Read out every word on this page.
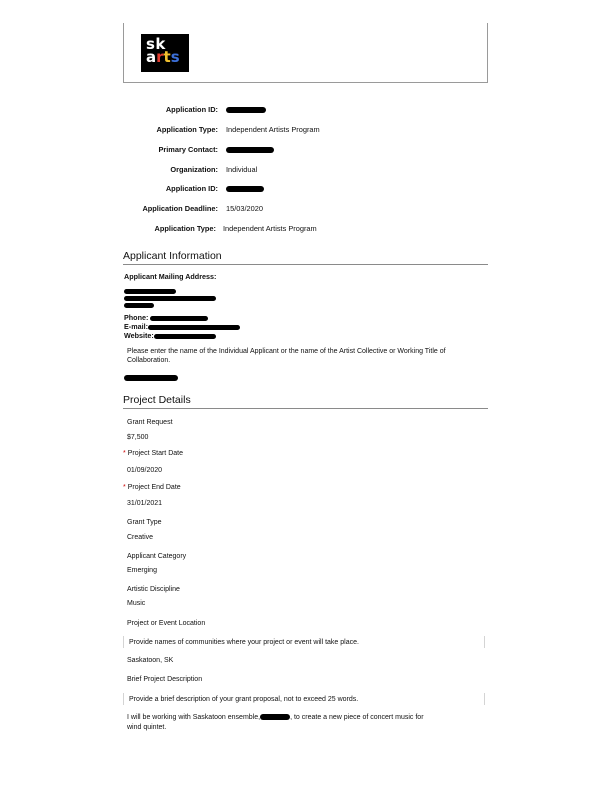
sk
arts
Application ID:
Application Type: Independent Artists Program
Primary Contact:
Organization: Individual
Application ID:
Application Deadline: 15/03/2020
Application Type: Independent Artists Program
Applicant Information
Applicant Mailing Address:
Phone:
E-mail:
Website:
Please enter the name of the Individual Applicant or the name of the Artist Collective or Working Title of Collaboration.
Project Details
Grant Request
$7,500
* Project Start Date
01/09/2020
* Project End Date
31/01/2021
Grant Type
Creative
Applicant Category
Emerging
Artistic Discipline
Music
Project or Event Location
Provide names of communities where your project or event will take place.
Saskatoon, SK
Brief Project Description
Provide a brief description of your grant proposal, not to exceed 25 words.
I will be working with Saskatoon ensemble,	, to create a new piece of concert music for
wind quintet.
